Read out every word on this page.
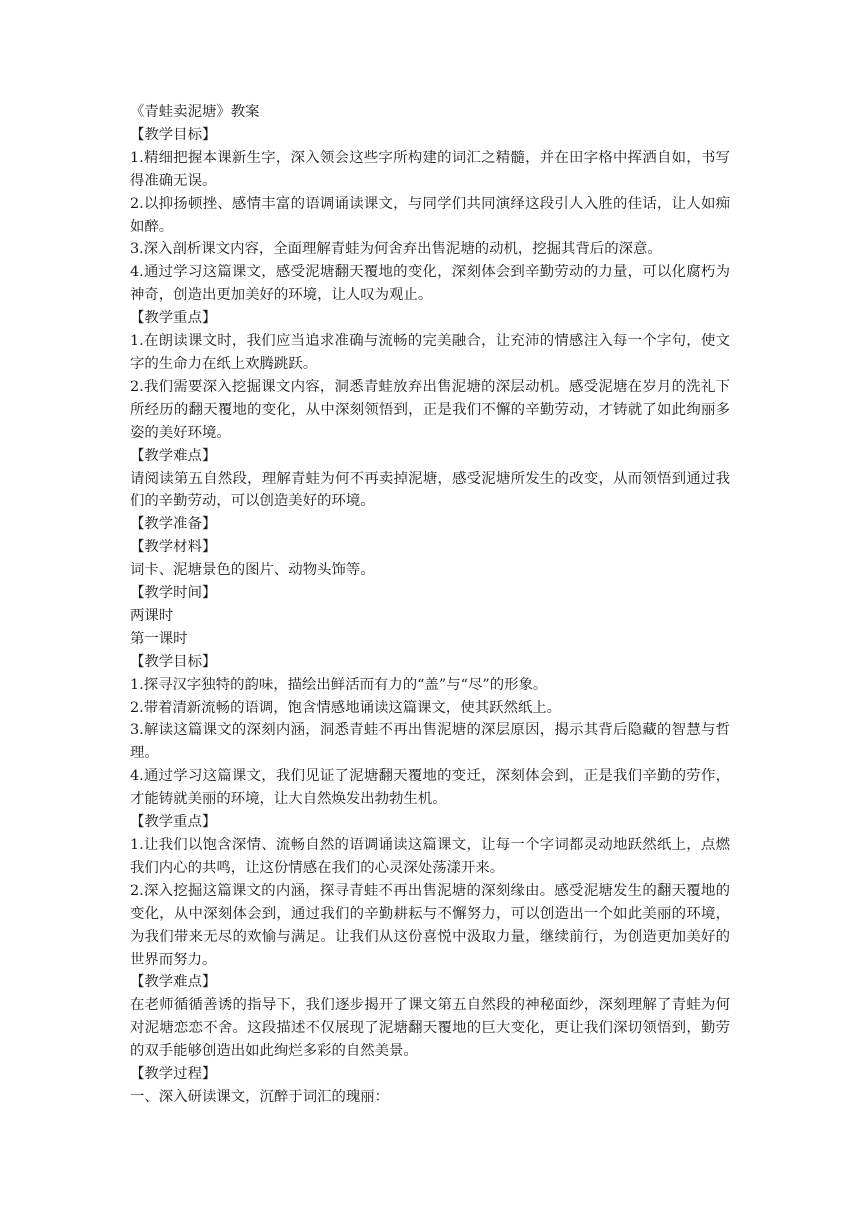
《青蛙卖泥塘》教案

【教学目标】

1.精细把握本课新生字，深入领会这些字所构建的词汇之精髓，并在田字格中挥洒自如，书写得准确无误。

2.以抑扬顿挫、感情丰富的语调诵读课文，与同学们共同演绎这段引人入胜的佳话，让人如痴如醉。

3.深入剖析课文内容，全面理解青蛙为何舍弃出售泥塘的动机，挖掘其背后的深意。

4.通过学习这篇课文，感受泥塘翻天覆地的变化，深刻体会到辛勤劳动的力量，可以化腐朽为神奇，创造出更加美好的环境，让人叹为观止。

【教学重点】

1.在朗读课文时，我们应当追求准确与流畅的完美融合，让充沛的情感注入每一个字句，使文字的生命力在纸上欢腾跳跃。

2.我们需要深入挖掘课文内容，洞悉青蛙放弃出售泥塘的深层动机。感受泥塘在岁月的洗礼下所经历的翻天覆地的变化，从中深刻领悟到，正是我们不懈的辛勤劳动，才铸就了如此绚丽多姿的美好环境。

【教学难点】

请阅读第五自然段，理解青蛙为何不再卖掉泥塘，感受泥塘所发生的改变，从而领悟到通过我们的辛勤劳动，可以创造美好的环境。

【教学准备】

【教学材料】

词卡、泥塘景色的图片、动物头饰等。

【教学时间】

两课时

第一课时

【教学目标】

1.探寻汉字独特的韵味，描绘出鲜活而有力的“盖”与“尽”的形象。

2.带着清新流畅的语调，饱含情感地诵读这篇课文，使其跃然纸上。

3.解读这篇课文的深刻内涵，洞悉青蛙不再出售泥塘的深层原因，揭示其背后隐藏的智慧与哲理。

4.通过学习这篇课文，我们见证了泥塘翻天覆地的变迁，深刻体会到，正是我们辛勤的劳作，才能铸就美丽的环境，让大自然焕发出勃勃生机。

【教学重点】

1.让我们以饱含深情、流畅自然的语调诵读这篇课文，让每一个字词都灵动地跃然纸上，点燃我们内心的共鸣，让这份情感在我们的心灵深处荡漾开来。

2.深入挖掘这篇课文的内涵，探寻青蛙不再出售泥塘的深刻缘由。感受泥塘发生的翻天覆地的变化，从中深刻体会到，通过我们的辛勤耕耘与不懈努力，可以创造出一个如此美丽的环境，为我们带来无尽的欢愉与满足。让我们从这份喜悦中汲取力量，继续前行，为创造更加美好的世界而努力。

【教学难点】

在老师循循善诱的指导下，我们逐步揭开了课文第五自然段的神秘面纱，深刻理解了青蛙为何对泥塘恋恋不舍。这段描述不仅展现了泥塘翻天覆地的巨大变化，更让我们深切领悟到，勤劳的双手能够创造出如此绚烂多彩的自然美景。

【教学过程】

一、深入研读课文，沉醉于词汇的瑰丽：
